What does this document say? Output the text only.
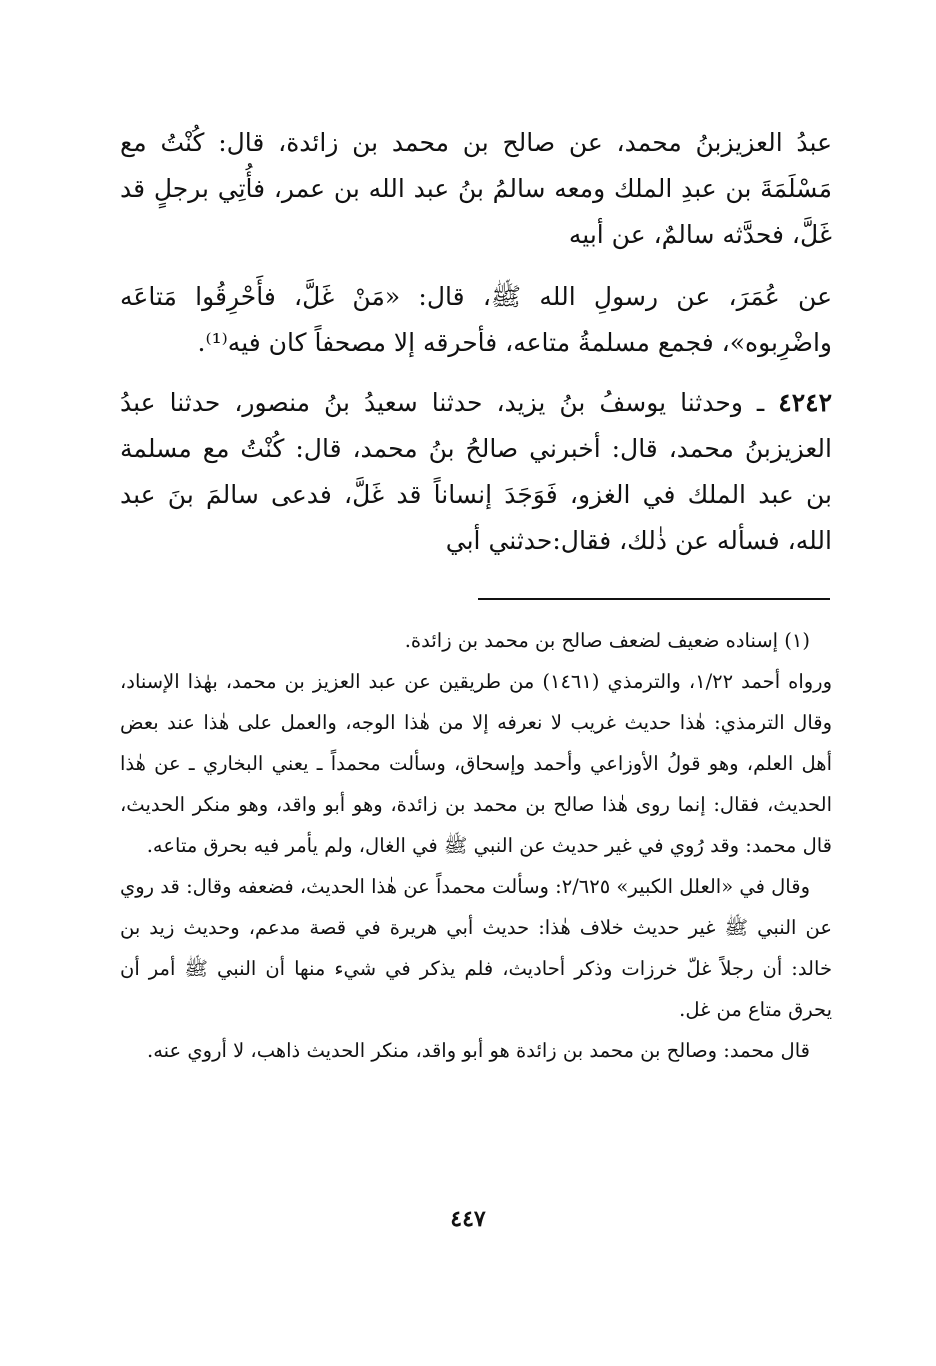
عبدُ العزيزبنُ محمد، عن صالح بن محمد بن زائدة، قال: كُنْتُ مع مَسْلَمَةَ بن عبدِ الملك ومعه سالمُ بنُ عبد الله بن عمر، فأُتِي برجلٍ قد غَلَّ، فحدَّثه سالمٌ، عن أبيه

عن عُمَرَ، عن رسولِ الله ﷺ، قال: «مَنْ غَلَّ، فأَحْرِقُوا مَتاعَه واضْرِبوه»، فجمع مسلمةُ متاعه، فأحرقه إلا مصحفاً كان فيه⁽¹⁾.

٤٢٤٢ ـ وحدثنا يوسفُ بنُ يزيد، حدثنا سعيدُ بنُ منصور، حدثنا عبدُ العزيزبنُ محمد، قال: أخبرني صالحُ بنُ محمد، قال: كُنْتُ مع مسلمة بن عبد الملك في الغزو، فَوَجَدَ إنساناً قد غَلَّ، فدعى سالمَ بنَ عبد الله، فسأله عن ذٰلك، فقال:حدثني أبي

(١) إسناده ضعيف لضعف صالح بن محمد بن زائدة.

ورواه أحمد ١/٢٢، والترمذي (١٤٦١) من طريقين عن عبد العزيز بن محمد، بهٰذا الإسناد، وقال الترمذي: هٰذا حديث غريب لا نعرفه إلا من هٰذا الوجه، والعمل على هٰذا عند بعض أهل العلم، وهو قولُ الأوزاعي وأحمد وإسحاق، وسألت محمداً ـ يعني البخاري ـ عن هٰذا الحديث، فقال: إنما روى هٰذا صالح بن محمد بن زائدة، وهو أبو واقد، وهو منكر الحديث، قال محمد: وقد رُوي في غير حديث عن النبي ﷺ في الغال، ولم يأمر فيه بحرق متاعه.

وقال في «العلل الكبير» ٢/٦٢٥: وسألت محمداً عن هٰذا الحديث، فضعفه وقال: قد روي عن النبي ﷺ غير حديث خلاف هٰذا: حديث أبي هريرة في قصة مدعم، وحديث زيد بن خالد: أن رجلاً غلّ خرزات وذكر أحاديث، فلم يذكر في شيء منها أن النبي ﷺ أمر أن يحرق متاع من غل.

قال محمد: وصالح بن محمد بن زائدة هو أبو واقد، منكر الحديث ذاهب، لا أروي عنه.

٤٤٧
